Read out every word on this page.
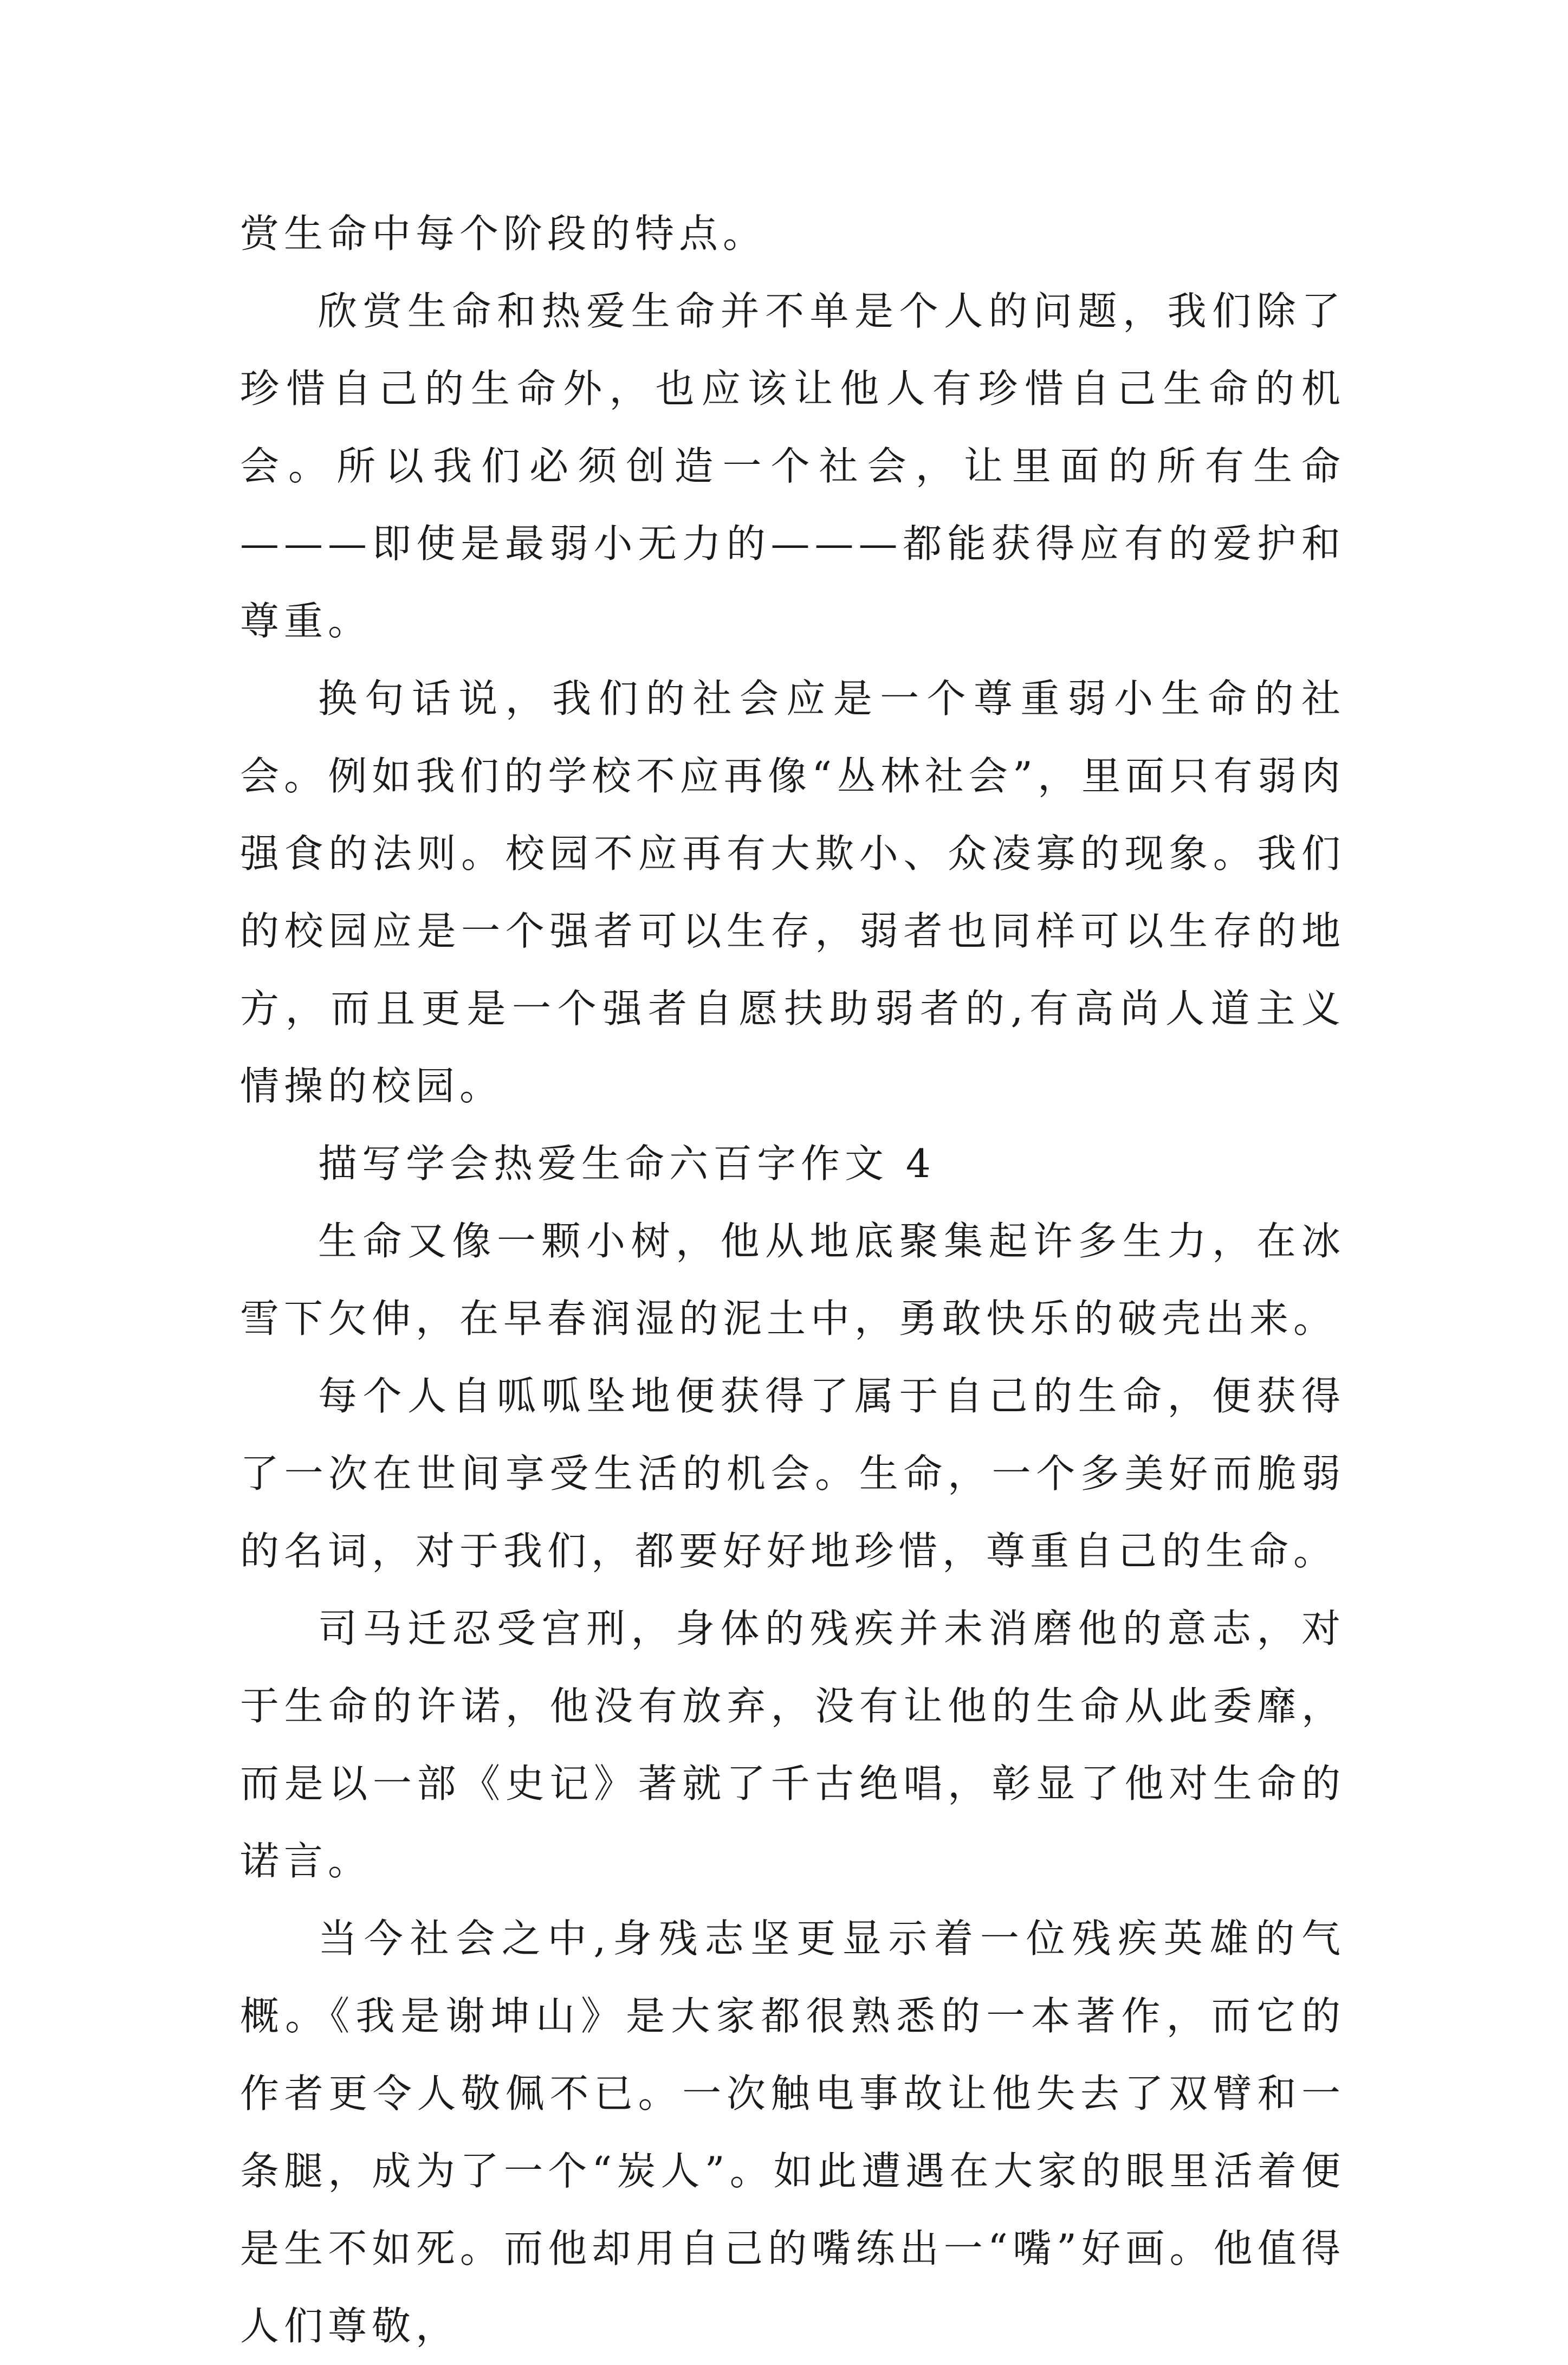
赏生命中每个阶段的特点。

欣赏生命和热爱生命并不单是个人的问题，我们除了珍惜自己的生命外，也应该让他人有珍惜自己生命的机会。所以我们必须创造一个社会，让里面的所有生命———即使是最弱小无力的———都能获得应有的爱护和尊重。

换句话说，我们的社会应是一个尊重弱小生命的社会。例如我们的学校不应再像“丛林社会”，里面只有弱肉强食的法则。校园不应再有大欺小、众凌寡的现象。我们的校园应是一个强者可以生存，弱者也同样可以生存的地方，而且更是一个强者自愿扶助弱者的,有高尚人道主义情操的校园。

描写学会热爱生命六百字作文 4

生命又像一颗小树，他从地底聚集起许多生力，在冰雪下欠伸，在早春润湿的泥土中，勇敢快乐的破壳出来。

每个人自呱呱坠地便获得了属于自己的生命，便获得了一次在世间享受生活的机会。生命，一个多美好而脆弱的名词，对于我们，都要好好地珍惜，尊重自己的生命。

司马迁忍受宫刑，身体的残疾并未消磨他的意志，对于生命的许诺，他没有放弃，没有让他的生命从此委靡，而是以一部《史记》著就了千古绝唱，彰显了他对生命的诺言。

当今社会之中,身残志坚更显示着一位残疾英雄的气概。《我是谢坤山》是大家都很熟悉的一本著作，而它的作者更令人敬佩不已。一次触电事故让他失去了双臂和一条腿，成为了一个“炭人”。如此遭遇在大家的眼里活着便是生不如死。而他却用自己的嘴练出一“嘴”好画。他值得人们尊敬，
